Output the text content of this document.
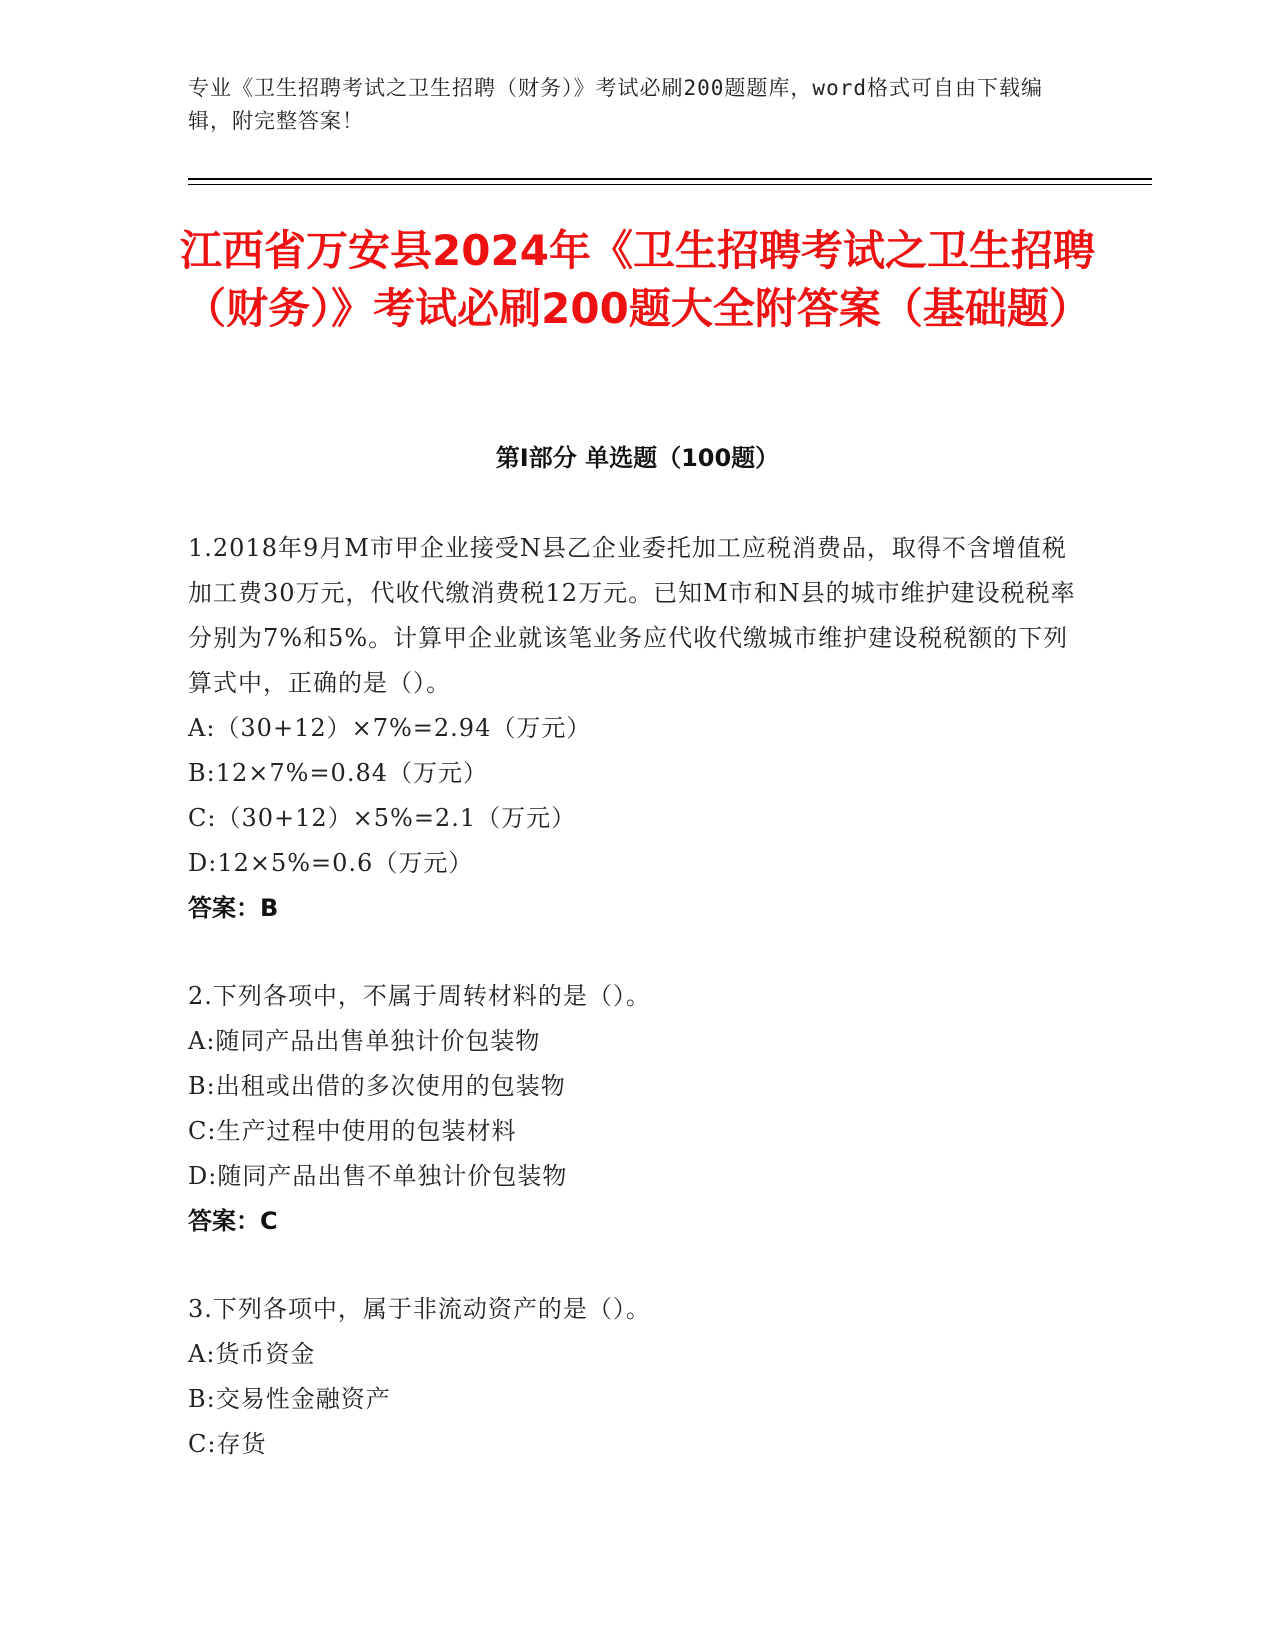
专业《卫生招聘考试之卫生招聘（财务）》考试必刷200题题库，word格式可自由下载编辑，附完整答案！
江西省万安县2024年《卫生招聘考试之卫生招聘（财务）》考试必刷200题大全附答案（基础题）
第Ⅰ部分 单选题（100题）

1.2018年9月M市甲企业接受N县乙企业委托加工应税消费品，取得不含增值税加工费30万元，代收代缴消费税12万元。已知M市和N县的城市维护建设税税率分别为7%和5%。计算甲企业就该笔业务应代收代缴城市维护建设税税额的下列算式中，正确的是（）。

A:（30+12）×7%=2.94（万元）

B:12×7%=0.84（万元）

C:（30+12）×5%=2.1（万元）

D:12×5%=0.6（万元）

答案：B

2.下列各项中，不属于周转材料的是（）。

A:随同产品出售单独计价包装物

B:出租或出借的多次使用的包装物

C:生产过程中使用的包装材料

D:随同产品出售不单独计价包装物

答案：C

3.下列各项中，属于非流动资产的是（）。

A:货币资金

B:交易性金融资产

C:存货
